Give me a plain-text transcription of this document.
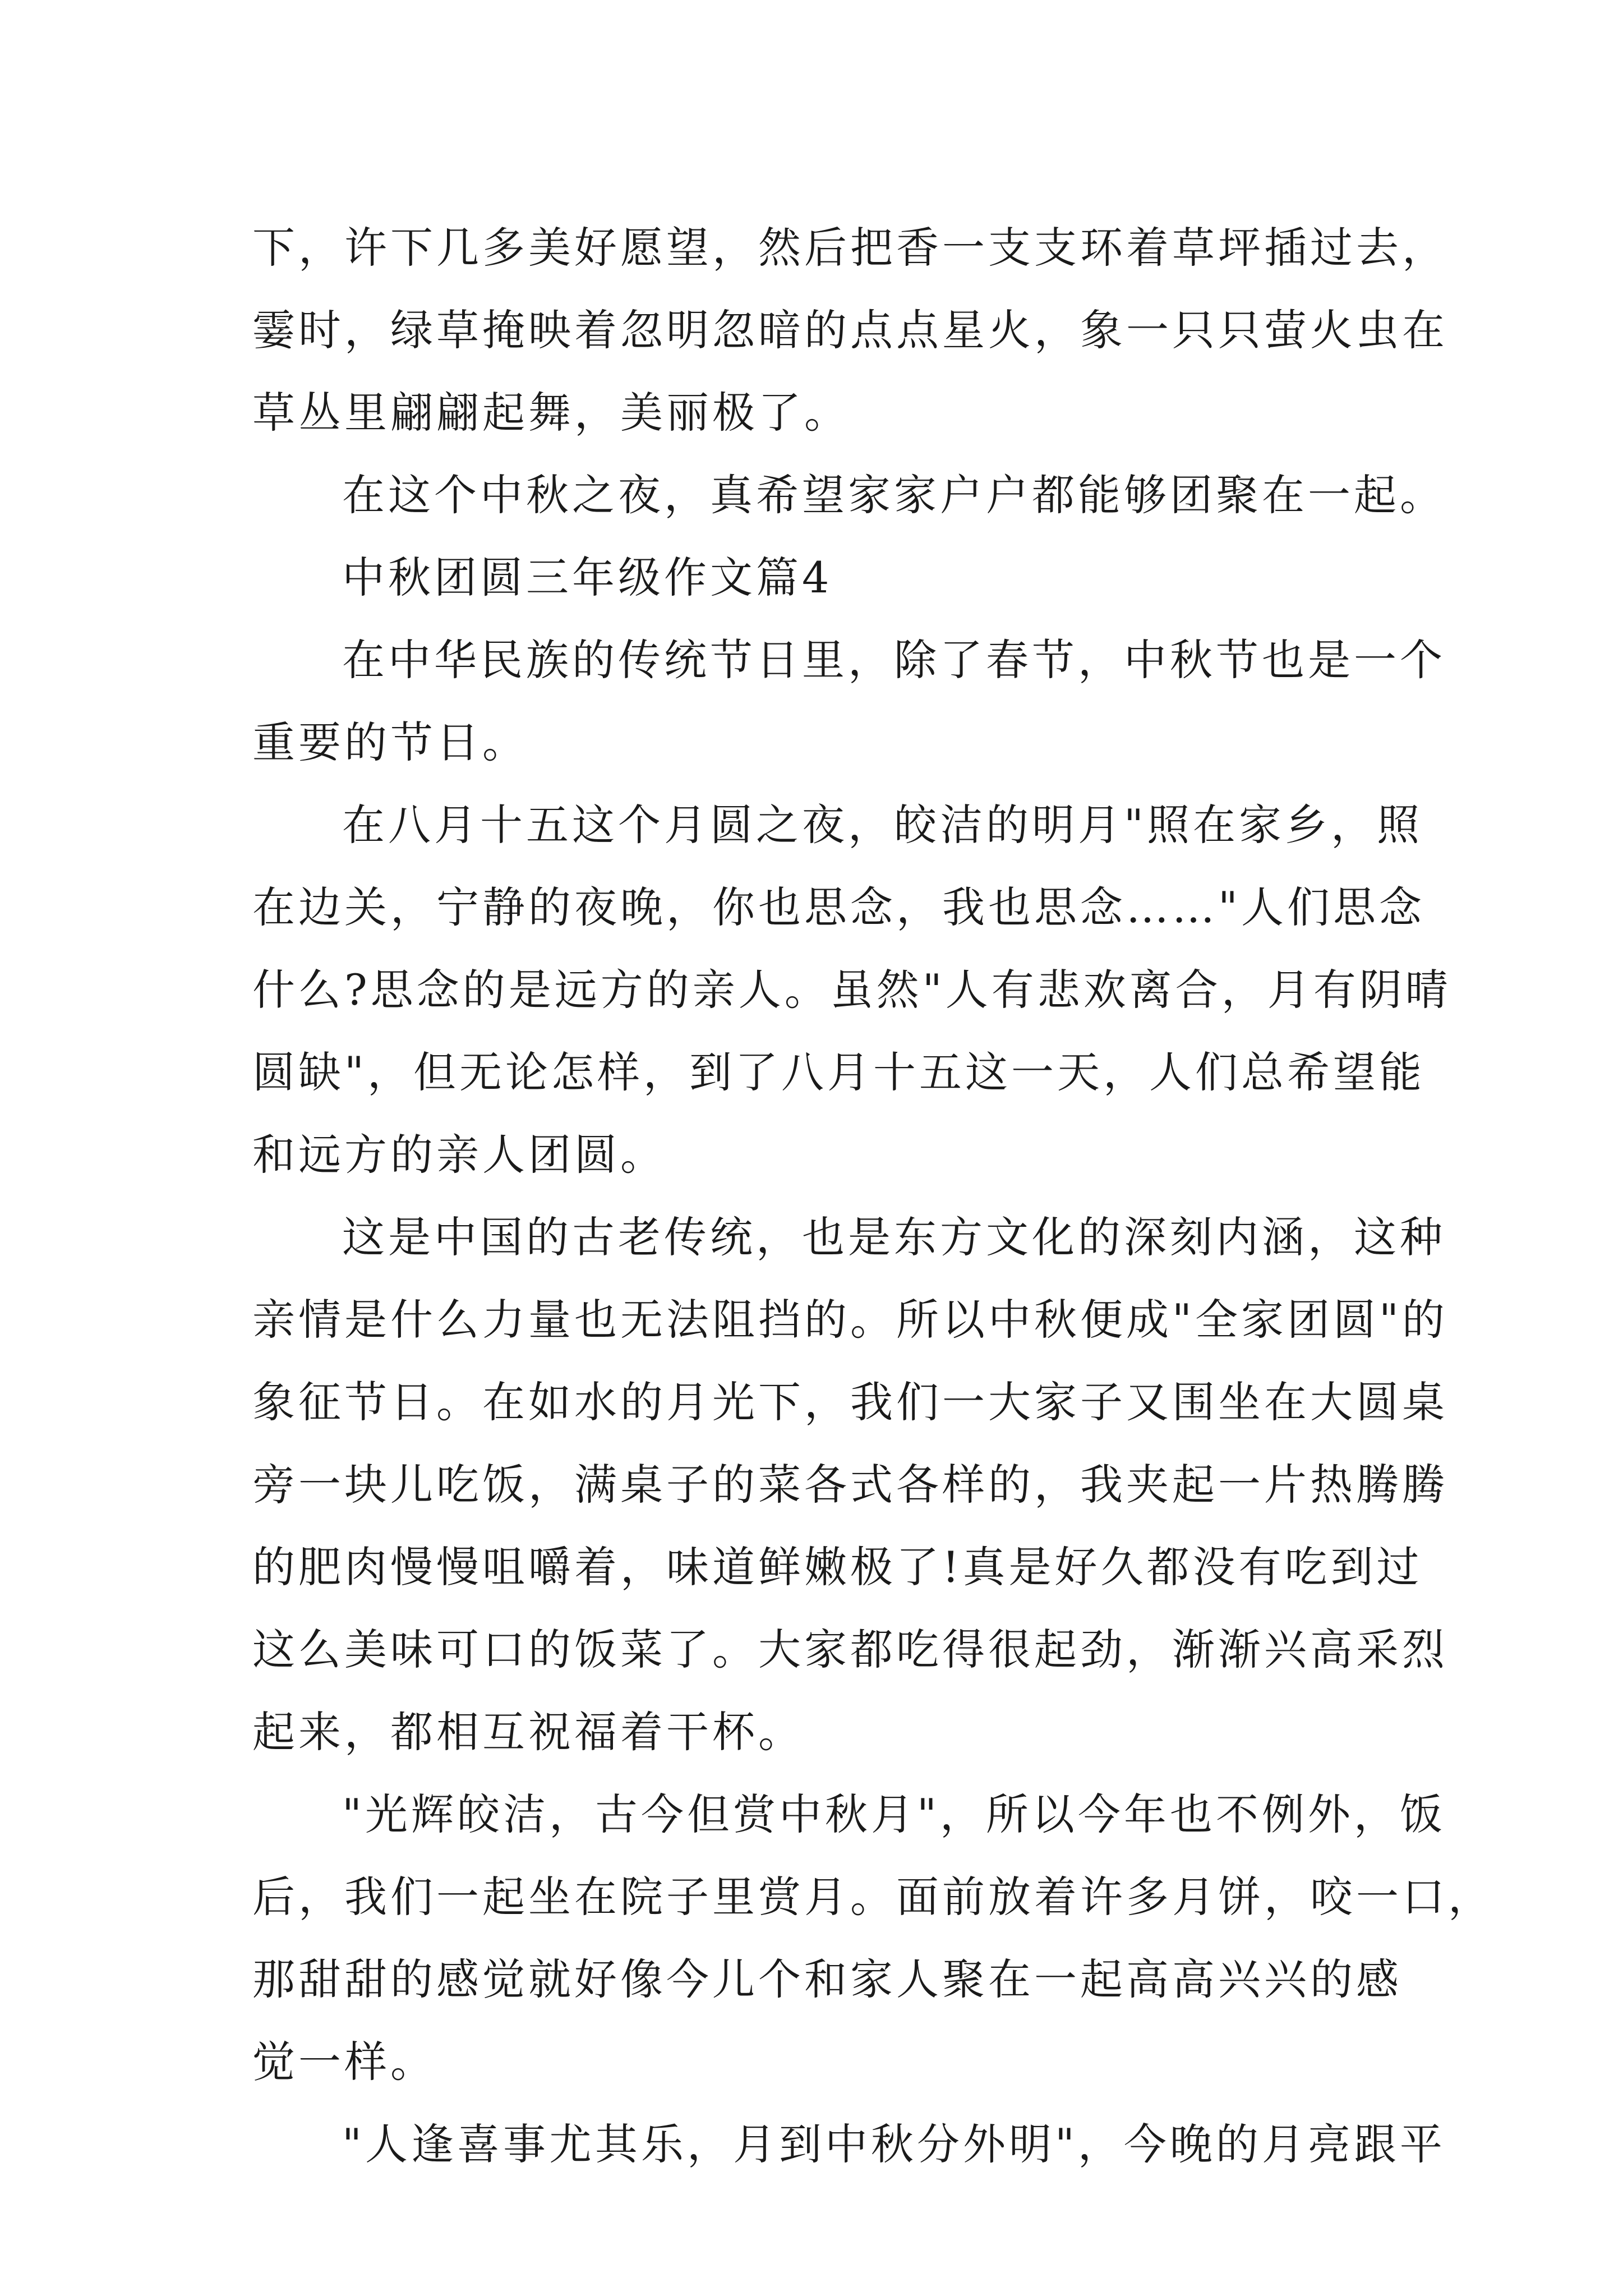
下，许下几多美好愿望，然后把香一支支环着草坪插过去，
霎时，绿草掩映着忽明忽暗的点点星火，象一只只萤火虫在
草丛里翩翩起舞，美丽极了。
在这个中秋之夜，真希望家家户户都能够团聚在一起。
中秋团圆三年级作文篇4
在中华民族的传统节日里，除了春节，中秋节也是一个
重要的节日。
在八月十五这个月圆之夜，皎洁的明月"照在家乡，照
在边关，宁静的夜晚，你也思念，我也思念……"人们思念
什么?思念的是远方的亲人。虽然"人有悲欢离合，月有阴晴
圆缺"，但无论怎样，到了八月十五这一天，人们总希望能
和远方的亲人团圆。
这是中国的古老传统，也是东方文化的深刻内涵，这种
亲情是什么力量也无法阻挡的。所以中秋便成"全家团圆"的
象征节日。在如水的月光下，我们一大家子又围坐在大圆桌
旁一块儿吃饭，满桌子的菜各式各样的，我夹起一片热腾腾
的肥肉慢慢咀嚼着，味道鲜嫩极了!真是好久都没有吃到过
这么美味可口的饭菜了。大家都吃得很起劲，渐渐兴高采烈
起来，都相互祝福着干杯。
"光辉皎洁，古今但赏中秋月"，所以今年也不例外，饭
后，我们一起坐在院子里赏月。面前放着许多月饼，咬一口，
那甜甜的感觉就好像今儿个和家人聚在一起高高兴兴的感
觉一样。
"人逢喜事尤其乐，月到中秋分外明"，今晚的月亮跟平
